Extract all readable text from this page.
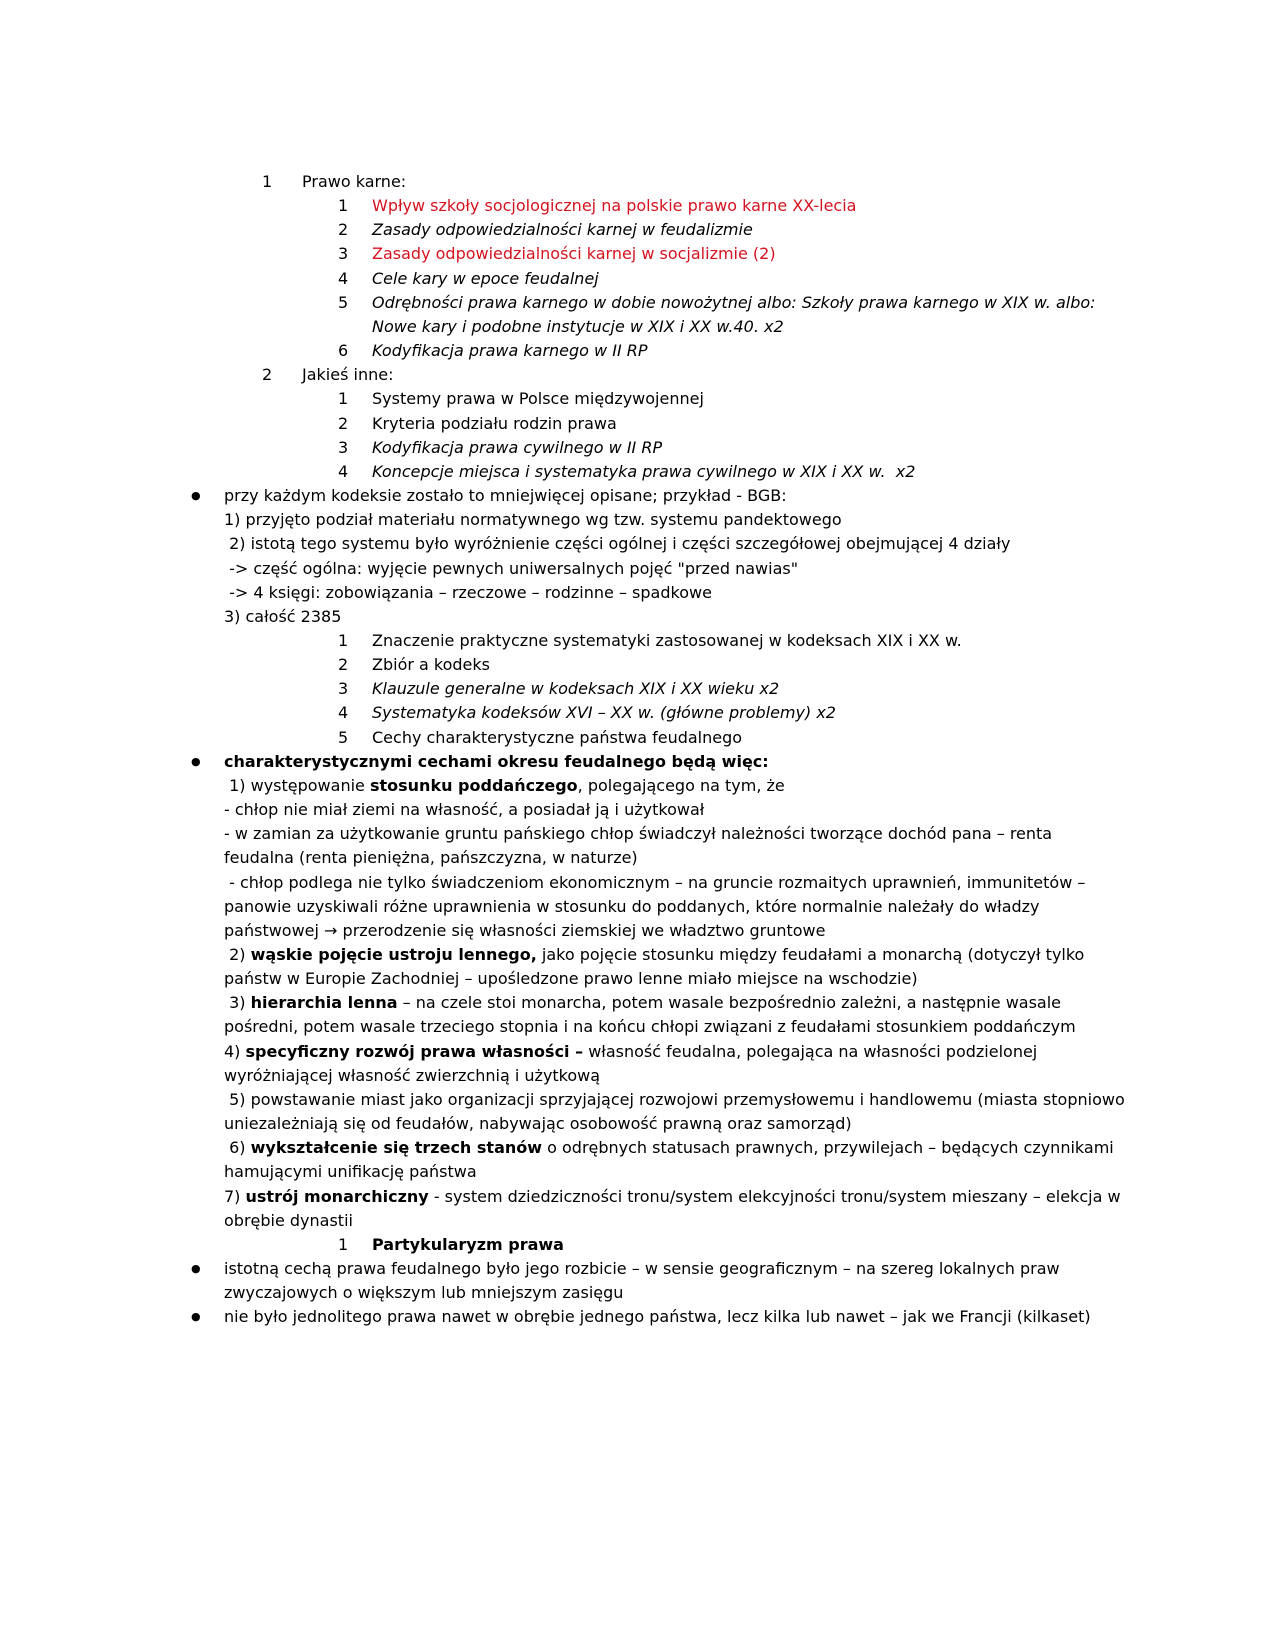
1 Prawo karne:
1 Wpływ szkoły socjologicznej na polskie prawo karne XX-lecia
2 Zasady odpowiedzialności karnej w feudalizmie
3 Zasady odpowiedzialności karnej w socjalizmie (2)
4 Cele kary w epoce feudalnej
5 Odrębności prawa karnego w dobie nowożytnej albo: Szkoły prawa karnego w XIX w. albo: Nowe kary i podobne instytucje w XIX i XX w.40. x2
6 Kodyfikacja prawa karnego w II RP
2 Jakieś inne:
1 Systemy prawa w Polsce międzywojennej
2 Kryteria podziału rodzin prawa
3 Kodyfikacja prawa cywilnego w II RP
4 Koncepcje miejsca i systematyka prawa cywilnego w XIX i XX w.  x2
● przy każdym kodeksie zostało to mniejwięcej opisane; przykład - BGB:
1) przyjęto podział materiału normatywnego wg tzw. systemu pandektowego
2) istotą tego systemu było wyróżnienie części ogólnej i części szczegółowej obejmującej 4 działy
-> część ogólna: wyjęcie pewnych uniwersalnych pojęć "przed nawias"
-> 4 księgi: zobowiązania – rzeczowe – rodzinne – spadkowe
3) całość 2385
1 Znaczenie praktyczne systematyki zastosowanej w kodeksach XIX i XX w.
2 Zbiór a kodeks
3 Klauzule generalne w kodeksach XIX i XX wieku x2
4 Systematyka kodeksów XVI – XX w. (główne problemy) x2
5 Cechy charakterystyczne państwa feudalnego
● charakterystycznymi cechami okresu feudalnego będą więc:
1) występowanie stosunku poddańczego, polegającego na tym, że
- chłop nie miał ziemi na własność, a posiadał ją i użytkował
- w zamian za użytkowanie gruntu pańskiego chłop świadczył należności tworzące dochód pana – renta feudalna (renta pieniężna, pańszczyzna, w naturze)
- chłop podlega nie tylko świadczeniom ekonomicznym – na gruncie rozmaitych uprawnień, immunitetów – panowie uzyskiwali różne uprawnienia w stosunku do poddanych, które normalnie należały do władzy państwowej → przerodzenie się własności ziemskiej we władztwo gruntowe
2) wąskie pojęcie ustroju lennego, jako pojęcie stosunku między feudałami a monarchą (dotyczył tylko państw w Europie Zachodniej – upośledzone prawo lenne miało miejsce na wschodzie)
3) hierarchia lenna – na czele stoi monarcha, potem wasale bezpośrednio zależni, a następnie wasale pośredni, potem wasale trzeciego stopnia i na końcu chłopi związani z feudałami stosunkiem poddańczym
4) specyficzny rozwój prawa własności – własność feudalna, polegająca na własności podzielonej wyróżniającej własność zwierzchnią i użytkową
5) powstawanie miast jako organizacji sprzyjającej rozwojowi przemysłowemu i handlowemu (miasta stopniowo uniezależniają się od feudałów, nabywając osobowość prawną oraz samorząd)
6) wykształcenie się trzech stanów o odrębnych statusach prawnych, przywilejach – będących czynnikami hamującymi unifikację państwa
7) ustrój monarchiczny - system dziedziczności tronu/system elekcyjności tronu/system mieszany – elekcja w obrębie dynastii
1 Partykularyzm prawa
● istotną cechą prawa feudalnego było jego rozbicie – w sensie geograficznym – na szereg lokalnych praw zwyczajowych o większym lub mniejszym zasięgu
● nie było jednolitego prawa nawet w obrębie jednego państwa, lecz kilka lub nawet – jak we Francji (kilkaset)
